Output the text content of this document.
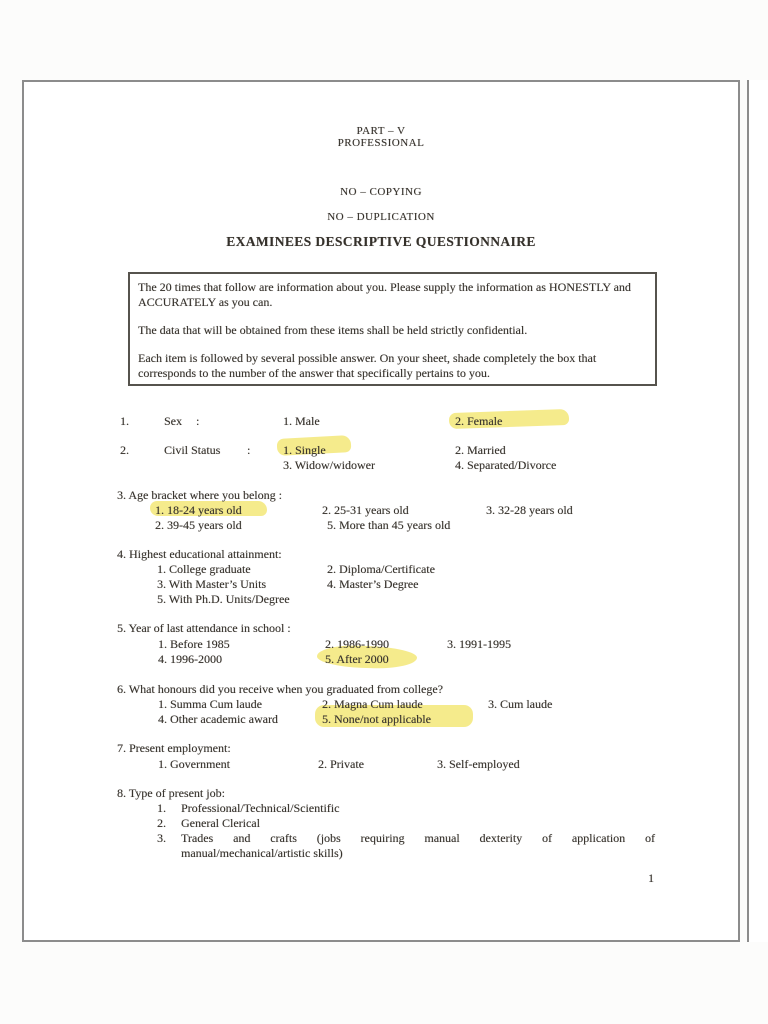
PART – V
PROFESSIONAL
NO – COPYING
NO – DUPLICATION
EXAMINEES DESCRIPTIVE QUESTIONNAIRE
The 20 times that follow are information about you. Please supply the information as HONESTLY and ACCURATELY as you can.
The data that will be obtained from these items shall be held strictly confidential.
Each item is followed by several possible answer. On your sheet, shade completely the box that corresponds to the number of the answer that specifically pertains to you.
1.	Sex :	1. Male	2. Female
2.	Civil Status :	1. Single	2. Married
3. Widow/widower	4. Separated/Divorce
3. Age bracket where you belong :
1. 18-24 years old	2. 25-31 years old	3. 32-28 years old
2. 39-45 years old	5. More than 45 years old
4. Highest educational attainment:
1. College graduate	2. Diploma/Certificate
3. With Master’s Units	4. Master’s Degree
5. With Ph.D. Units/Degree
5. Year of last attendance in school :
1. Before 1985	2. 1986-1990	3. 1991-1995
4. 1996-2000	5. After 2000
6. What honours did you receive when you graduated from college?
1. Summa Cum laude	2. Magna Cum laude	3. Cum laude
4. Other academic award	5. None/not applicable
7. Present employment:
1. Government	2. Private	3. Self-employed
8. Type of present job:
1. Professional/Technical/Scientific
2. General Clerical
3. Trades and crafts (jobs requiring manual dexterity of application of
manual/mechanical/artistic skills)
1
